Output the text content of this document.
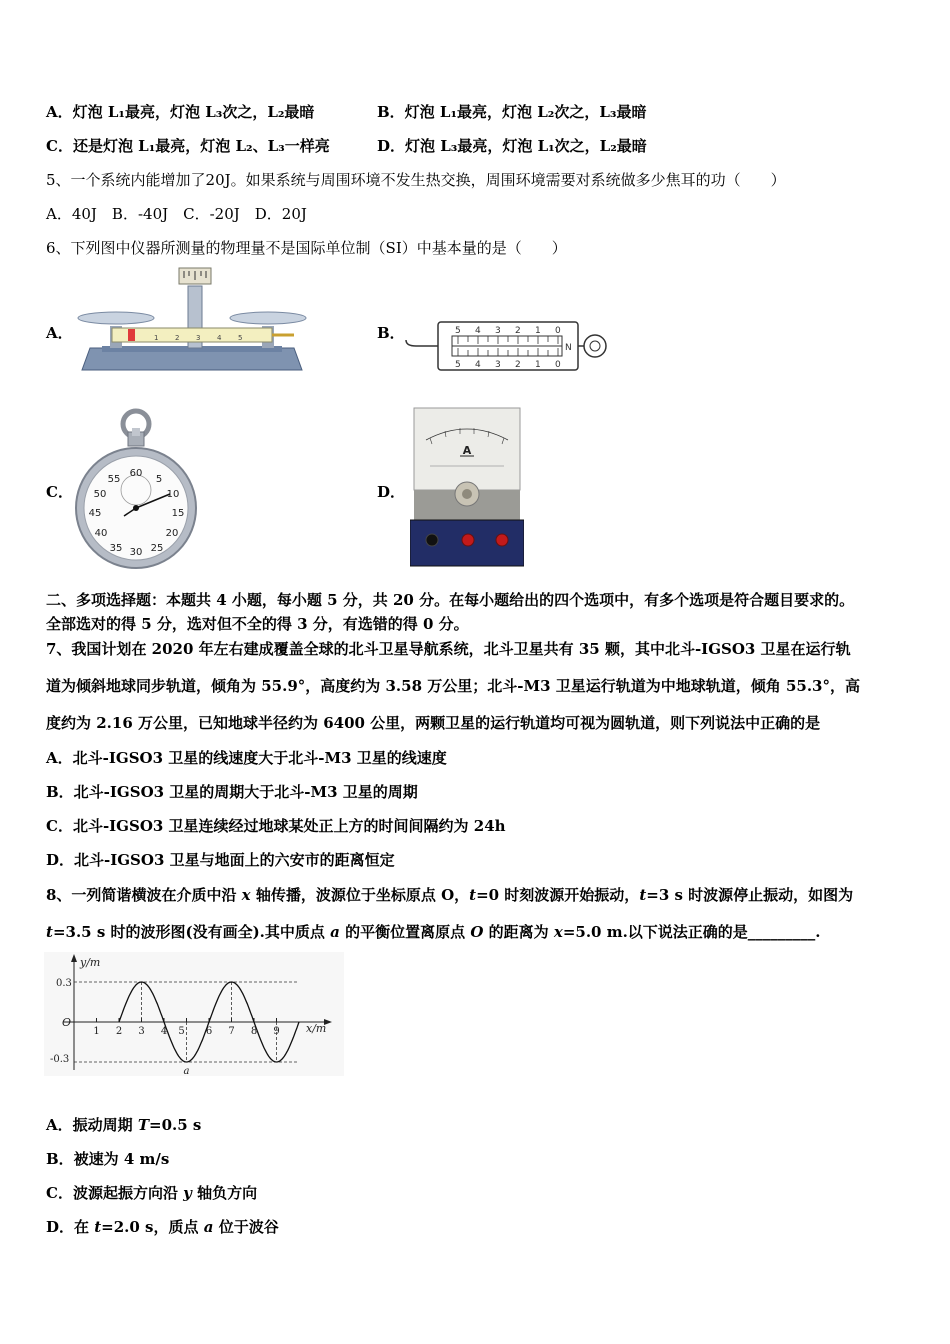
A．灯泡 L₁最亮，灯泡 L₃次之，L₂最暗	B．灯泡 L₁最亮，灯泡 L₂次之，L₃最暗
C．还是灯泡 L₁最亮，灯泡 L₂、L₃一样亮	D．灯泡 L₃最亮，灯泡 L₁次之，L₂最暗
5、一个系统内能增加了20J。如果系统与周围环境不发生热交换，周围环境需要对系统做多少焦耳的功（　　）
A．40J　B．-40J　C．-20J　D．20J
6、下列图中仪器所测量的物理量不是国际单位制（SI）中基本量的是（　　）
A．	B．
C．	D．
1 2 3 4 5
5 4 3 2 1 0
5 4 3 2 1 0
N
60
5
10
15
20
25
30
35
40
45
50
55
A
二、多项选择题：本题共 4 小题，每小题 5 分，共 20 分。在每小题给出的四个选项中，有多个选项是符合题目要求的。
全部选对的得 5 分，选对但不全的得 3 分，有选错的得 0 分。
7、我国计划在 2020 年左右建成覆盖全球的北斗卫星导航系统，北斗卫星共有 35 颗，其中北斗-IGSO3 卫星在运行轨
道为倾斜地球同步轨道，倾角为 55.9°，高度约为 3.58 万公里；北斗-M3 卫星运行轨道为中地球轨道，倾角 55.3°，高
度约为 2.16 万公里，已知地球半径约为 6400 公里，两颗卫星的运行轨道均可视为圆轨道，则下列说法中正确的是
A．北斗-IGSO3 卫星的线速度大于北斗-M3 卫星的线速度
B．北斗-IGSO3 卫星的周期大于北斗-M3 卫星的周期
C．北斗-IGSO3 卫星连续经过地球某处正上方的时间间隔约为 24h
D．北斗-IGSO3 卫星与地面上的六安市的距离恒定
8、一列简谐横波在介质中沿 x 轴传播，波源位于坐标原点 O，t=0 时刻波源开始振动，t=3 s 时波源停止振动，如图为
t=3.5 s 时的波形图(没有画全).其中质点 a 的平衡位置离原点 O 的距离为 x=5.0 m.以下说法正确的是_________.
y/m
x/m
0.3
-0.3
O
1 2 3 4 5 6 7 8 9
a
A．振动周期 T=0.5 s
B．被速为 4 m/s
C．波源起振方向沿 y 轴负方向
D．在 t=2.0 s，质点 a 位于波谷
